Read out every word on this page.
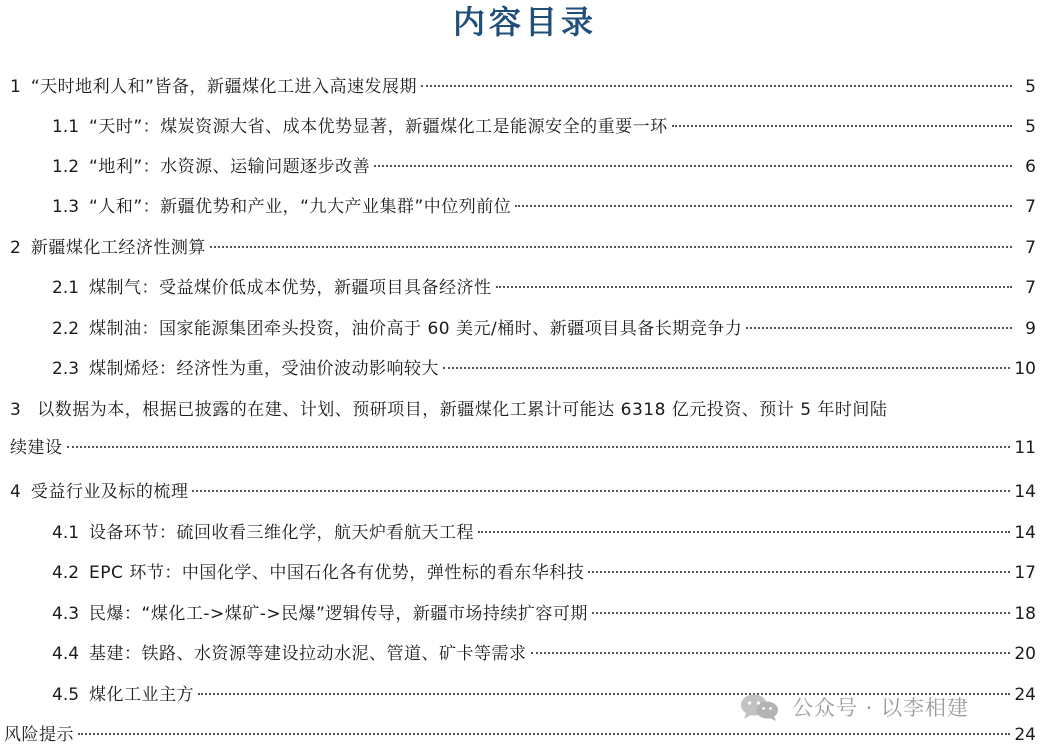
内容目录
1 “天时地利人和”皆备，新疆煤化工进入高速发展期	5
1.1 “天时”：煤炭资源大省、成本优势显著，新疆煤化工是能源安全的重要一环	5
1.2 “地利”：水资源、运输问题逐步改善	6
1.3 “人和”：新疆优势和产业，“九大产业集群”中位列前位	7
2 新疆煤化工经济性测算	7
2.1 煤制气：受益煤价低成本优势，新疆项目具备经济性	7
2.2 煤制油：国家能源集团牵头投资，油价高于 60 美元/桶时、新疆项目具备长期竞争力	9
2.3 煤制烯烃：经济性为重，受油价波动影响较大	10
3 以数据为本，根据已披露的在建、计划、预研项目，新疆煤化工累计可能达 6318 亿元投资、预计 5 年时间陆
续建设	11
4 受益行业及标的梳理	14
4.1 设备环节：硫回收看三维化学，航天炉看航天工程	14
4.2 EPC 环节：中国化学、中国石化各有优势，弹性标的看东华科技	17
4.3 民爆：“煤化工->煤矿->民爆”逻辑传导，新疆市场持续扩容可期	18
4.4 基建：铁路、水资源等建设拉动水泥、管道、矿卡等需求	20
4.5 煤化工业主方	24
风险提示	24
公众号 · 以李相建
